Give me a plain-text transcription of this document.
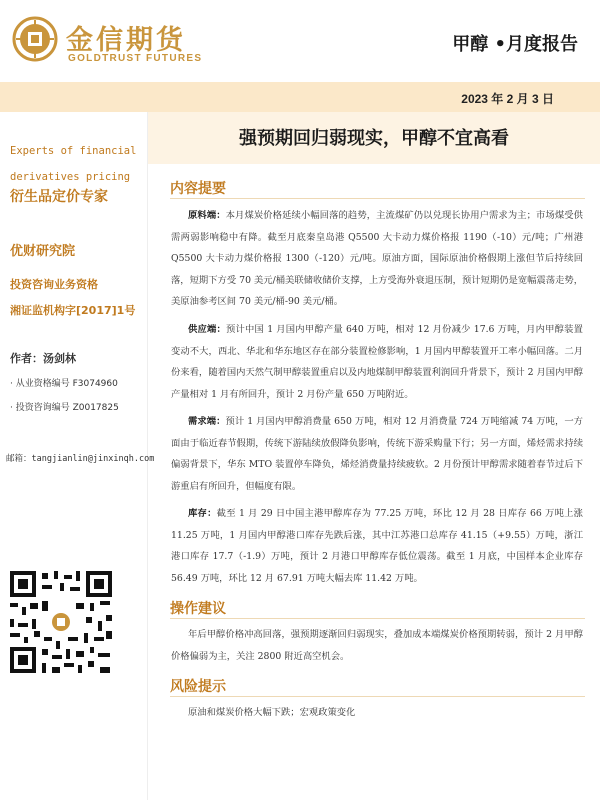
金信期货
GOLDTRUST FUTURES
甲醇 •月度报告
2023 年 2 月 3 日
Experts of financial derivatives pricing
衍生品定价专家
优财研究院
投资咨询业务资格
湘证监机构字[2017]1号
作者：汤剑林
· 从业资格编号 F3074960
· 投资咨询编号 Z0017825
邮箱：tangjianlin@jinxinqh.com
强预期回归弱现实，甲醇不宜高看
内容提要
原料端：本月煤炭价格延续小幅回落的趋势，主流煤矿仍以兑现长协用户需求为主；市场煤受供需两弱影响稳中有降。截至月底秦皇岛港 Q5500 大卡动力煤价格报 1190（-10）元/吨；广州港 Q5500 大卡动力煤价格报 1300（-120）元/吨。原油方面，国际原油价格假期上涨但节后持续回落，短期下方受 70 美元/桶美联储收储价支撑，上方受海外衰退压制，预计短期仍是宽幅震荡走势，美原油参考区间 70 美元/桶-90 美元/桶。
供应端：预计中国 1 月国内甲醇产量 640 万吨，相对 12 月份减少 17.6 万吨，月内甲醇装置变动不大，西北、华北和华东地区存在部分装置检修影响，1 月国内甲醇装置开工率小幅回落。二月份来看，随着国内天然气制甲醇装置重启以及内地煤制甲醇装置利润回升背景下，预计 2 月国内甲醇产量相对 1 月有所回升，预计 2 月份产量 650 万吨附近。
需求端：预计 1 月国内甲醇消费量 650 万吨，相对 12 月消费量 724 万吨缩减 74 万吨，一方面由于临近春节假期，传统下游陆续放假降负影响，传统下游采购量下行；另一方面，烯烃需求持续偏弱背景下，华东 MTO 装置停车降负，烯烃消费量持续疲软。2 月份预计甲醇需求随着春节过后下游重启有所回升，但幅度有限。
库存：截至 1 月 29 日中国主港甲醇库存为 77.25 万吨，环比 12 月 28 日库存 66 万吨上涨 11.25 万吨，1 月国内甲醇港口库存先跌后涨，其中江苏港口总库存 41.15（+9.55）万吨，浙江港口库存 17.7（-1.9）万吨，预计 2 月港口甲醇库存低位震荡。截至 1 月底，中国样本企业库存 56.49 万吨，环比 12 月 67.91 万吨大幅去库 11.42 万吨。
操作建议
年后甲醇价格冲高回落，强预期逐渐回归弱现实，叠加成本端煤炭价格预期转弱，预计 2 月甲醇价格偏弱为主，关注 2800 附近高空机会。
风险提示
原油和煤炭价格大幅下跌；宏观政策变化
